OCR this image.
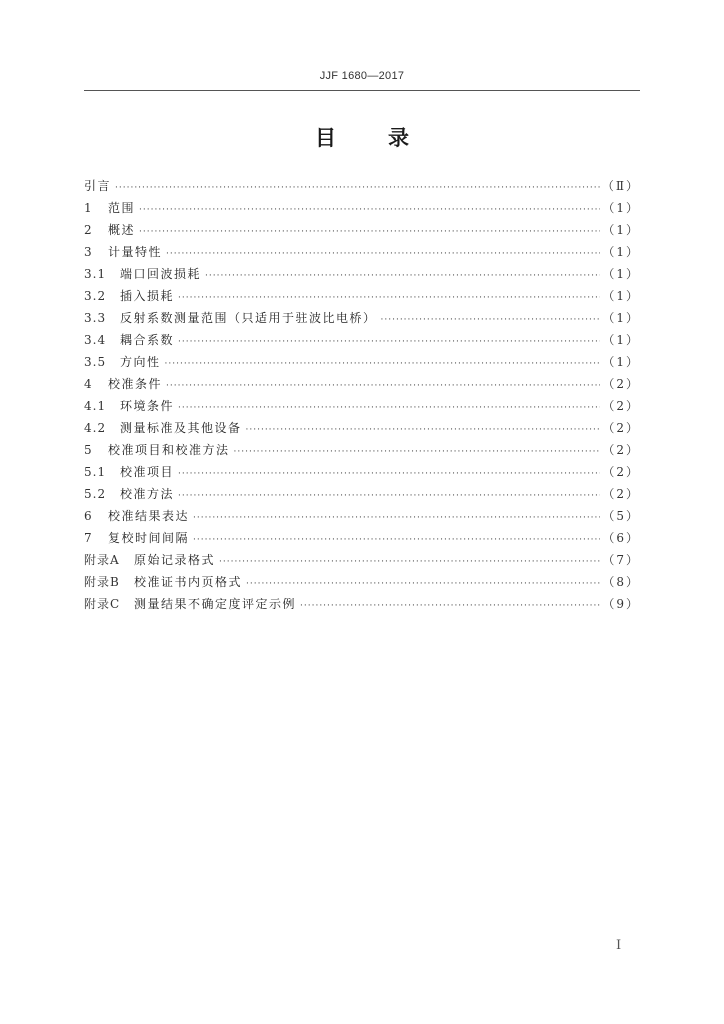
JJF 1680—2017
目录
引言 ·····	（Ⅱ）
1	范围 ·····	（1）
2	概述 ·····	（1）
3	计量特性 ·····	（1）
3.1	端口回波损耗 ·····	（1）
3.2	插入损耗 ·····	（1）
3.3	反射系数测量范围（只适用于驻波比电桥） ·····	（1）
3.4	耦合系数 ·····	（1）
3.5	方向性 ·····	（1）
4	校准条件 ·····	（2）
4.1	环境条件 ·····	（2）
4.2	测量标准及其他设备 ·····	（2）
5	校准项目和校准方法 ·····	（2）
5.1	校准项目 ·····	（2）
5.2	校准方法 ·····	（2）
6	校准结果表达 ·····	（5）
7	复校时间间隔 ·····	（6）
附录A	原始记录格式 ·····	（7）
附录B	校准证书内页格式 ·····	（8）
附录C	测量结果不确定度评定示例 ·····	（9）
Ⅰ
